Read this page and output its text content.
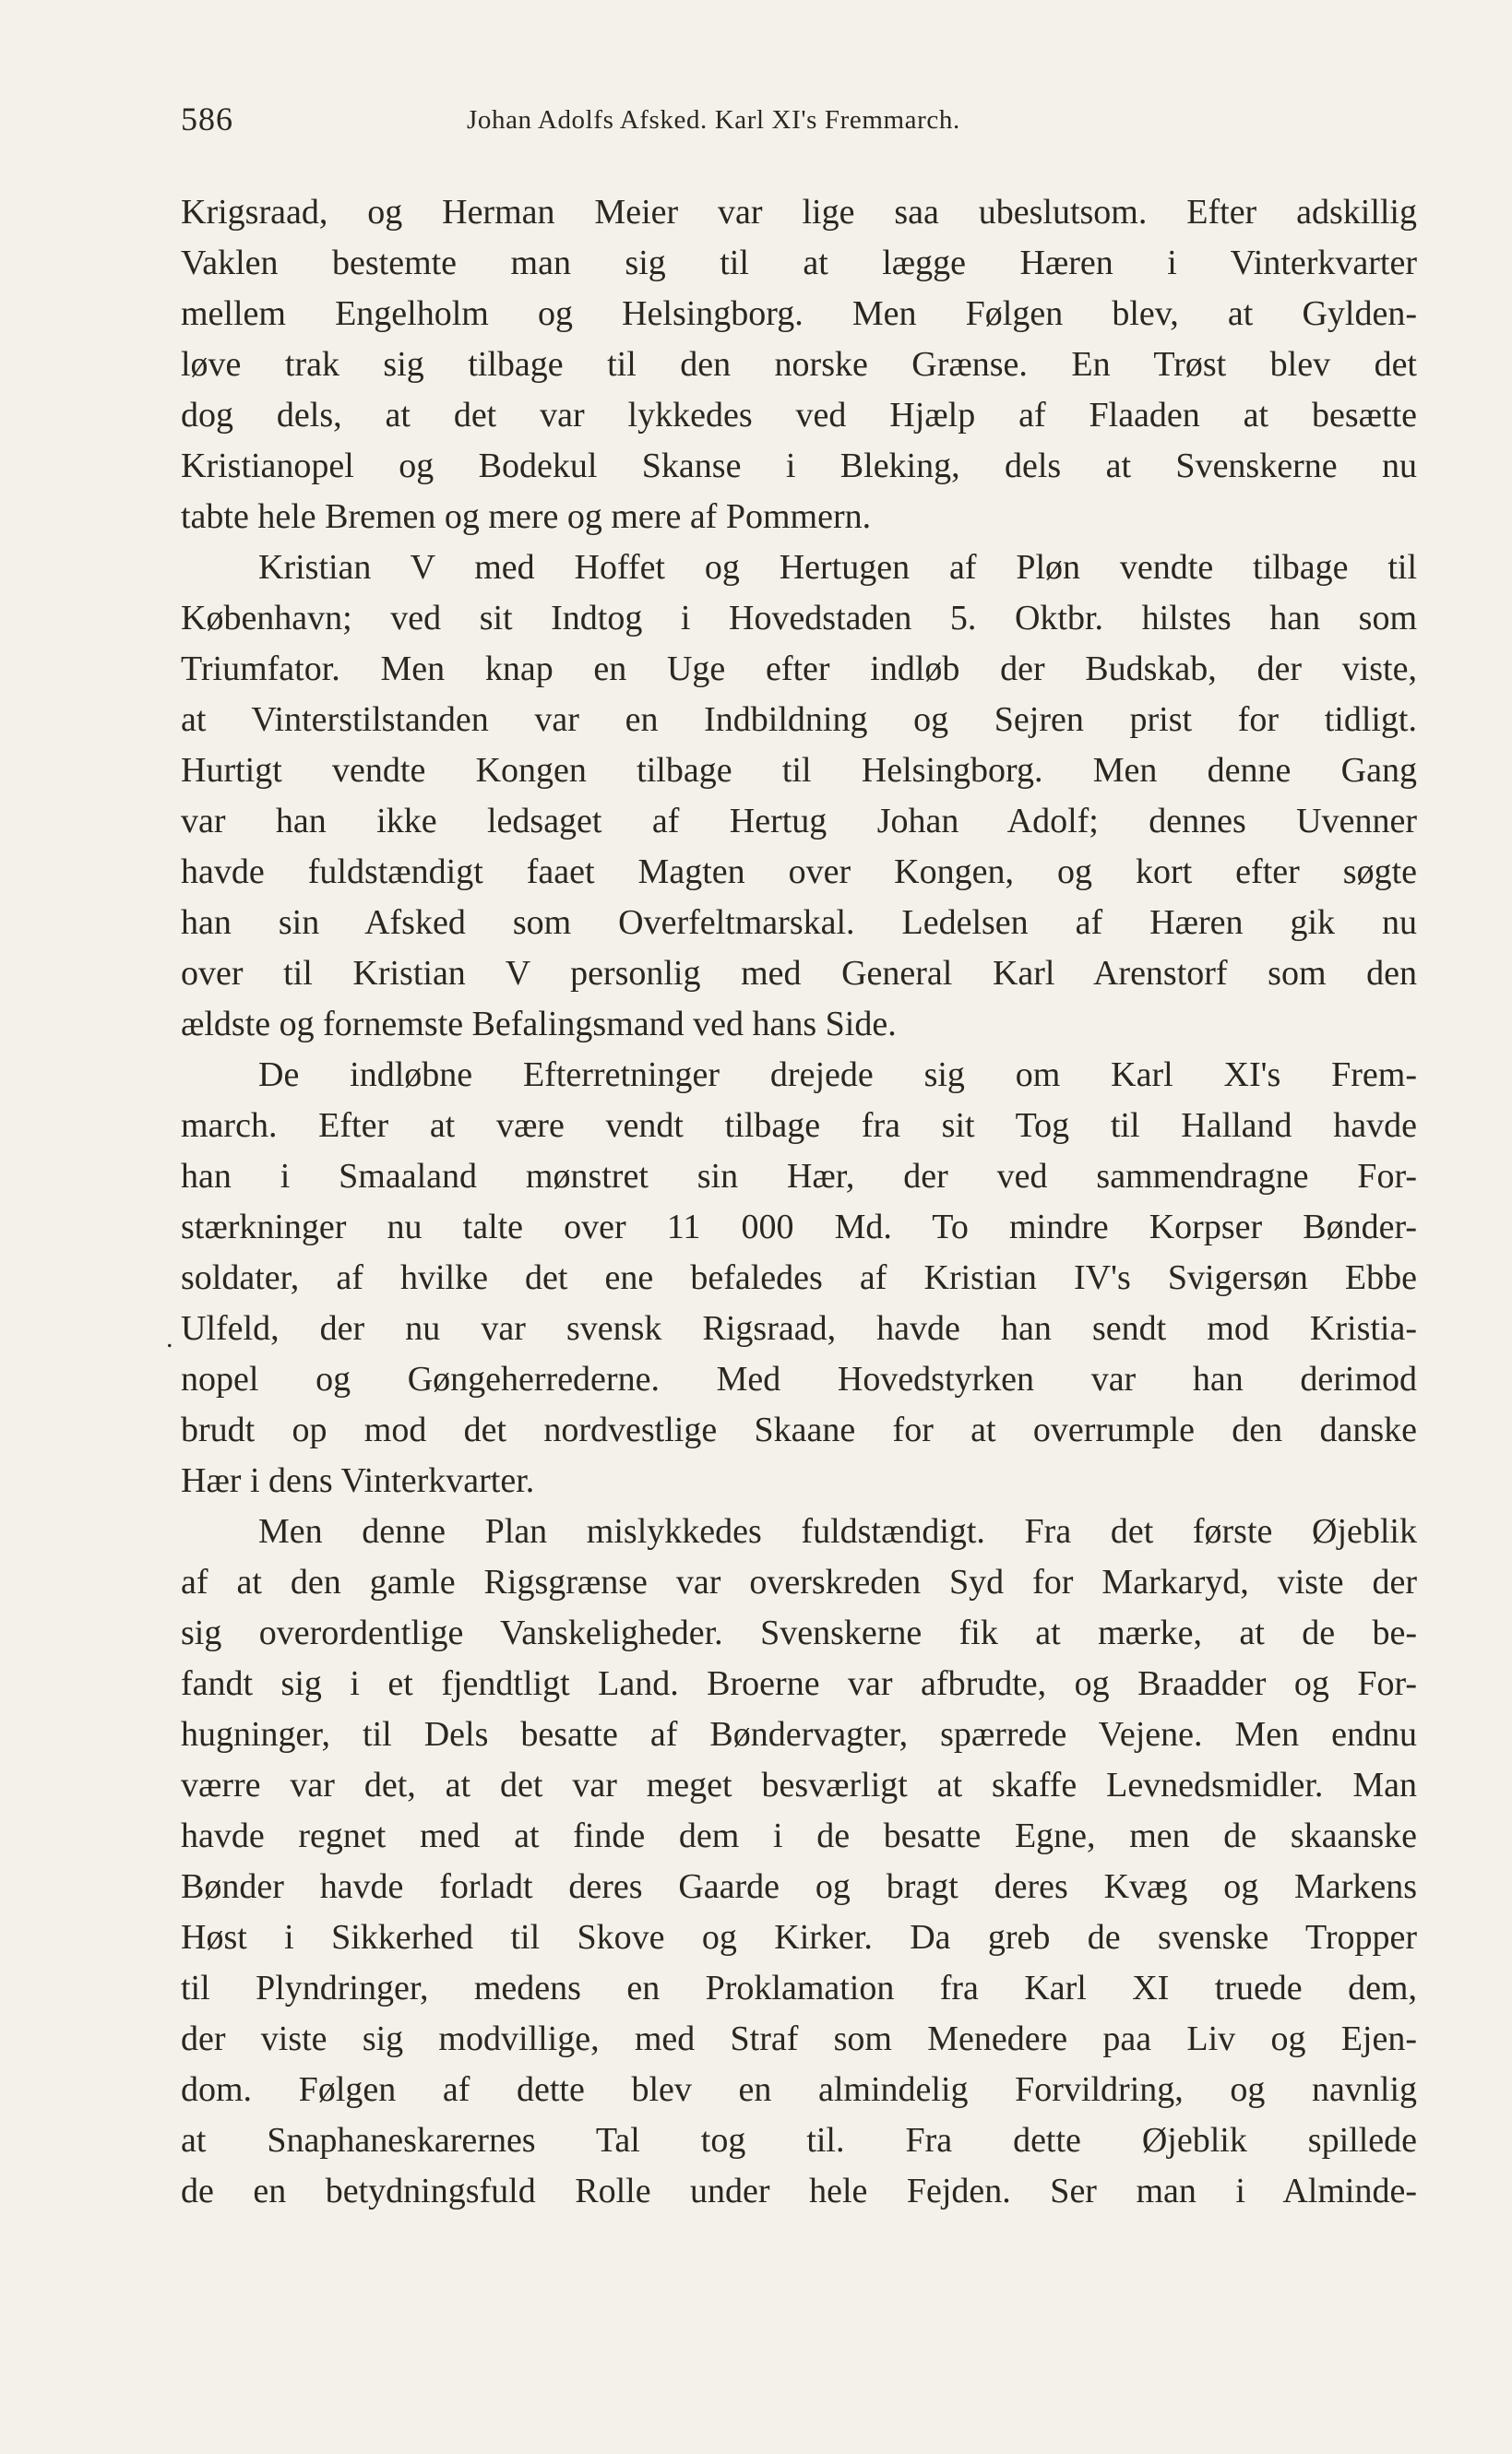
586	Johan Adolfs Afsked. Karl XI's Fremmarch.
.
Krigsraad, og Herman Meier var lige saa ubeslutsom. Efter adskillig
Vaklen bestemte man sig til at lægge Hæren i Vinterkvarter
mellem Engelholm og Helsingborg. Men Følgen blev, at Gylden-
løve trak sig tilbage til den norske Grænse. En Trøst blev det
dog dels, at det var lykkedes ved Hjælp af Flaaden at besætte
Kristianopel og Bodekul Skanse i Bleking, dels at Svenskerne nu
tabte hele Bremen og mere og mere af Pommern.
Kristian V med Hoffet og Hertugen af Pløn vendte tilbage til
København; ved sit Indtog i Hovedstaden 5. Oktbr. hilstes han som
Triumfator. Men knap en Uge efter indløb der Budskab, der viste,
at Vinterstilstanden var en Indbildning og Sejren prist for tidligt.
Hurtigt vendte Kongen tilbage til Helsingborg. Men denne Gang
var han ikke ledsaget af Hertug Johan Adolf; dennes Uvenner
havde fuldstændigt faaet Magten over Kongen, og kort efter søgte
han sin Afsked som Overfeltmarskal. Ledelsen af Hæren gik nu
over til Kristian V personlig med General Karl Arenstorf som den
ældste og fornemste Befalingsmand ved hans Side.
De indløbne Efterretninger drejede sig om Karl XI's Frem-
march. Efter at være vendt tilbage fra sit Tog til Halland havde
han i Smaaland mønstret sin Hær, der ved sammendragne For-
stærkninger nu talte over 11 000 Md. To mindre Korpser Bønder-
soldater, af hvilke det ene befaledes af Kristian IV's Svigersøn Ebbe
Ulfeld, der nu var svensk Rigsraad, havde han sendt mod Kristia-
nopel og Gøngeherrederne. Med Hovedstyrken var han derimod
brudt op mod det nordvestlige Skaane for at overrumple den danske
Hær i dens Vinterkvarter.
Men denne Plan mislykkedes fuldstændigt. Fra det første Øjeblik
af at den gamle Rigsgrænse var overskreden Syd for Markaryd, viste der
sig overordentlige Vanskeligheder. Svenskerne fik at mærke, at de be-
fandt sig i et fjendtligt Land. Broerne var afbrudte, og Braadder og For-
hugninger, til Dels besatte af Bøndervagter, spærrede Vejene. Men endnu
værre var det, at det var meget besværligt at skaffe Levnedsmidler. Man
havde regnet med at finde dem i de besatte Egne, men de skaanske
Bønder havde forladt deres Gaarde og bragt deres Kvæg og Markens
Høst i Sikkerhed til Skove og Kirker. Da greb de svenske Tropper
til Plyndringer, medens en Proklamation fra Karl XI truede dem,
der viste sig modvillige, med Straf som Menedere paa Liv og Ejen-
dom. Følgen af dette blev en almindelig Forvildring, og navnlig
at Snaphaneskarernes Tal tog til. Fra dette Øjeblik spillede
de en betydningsfuld Rolle under hele Fejden. Ser man i Alminde-
